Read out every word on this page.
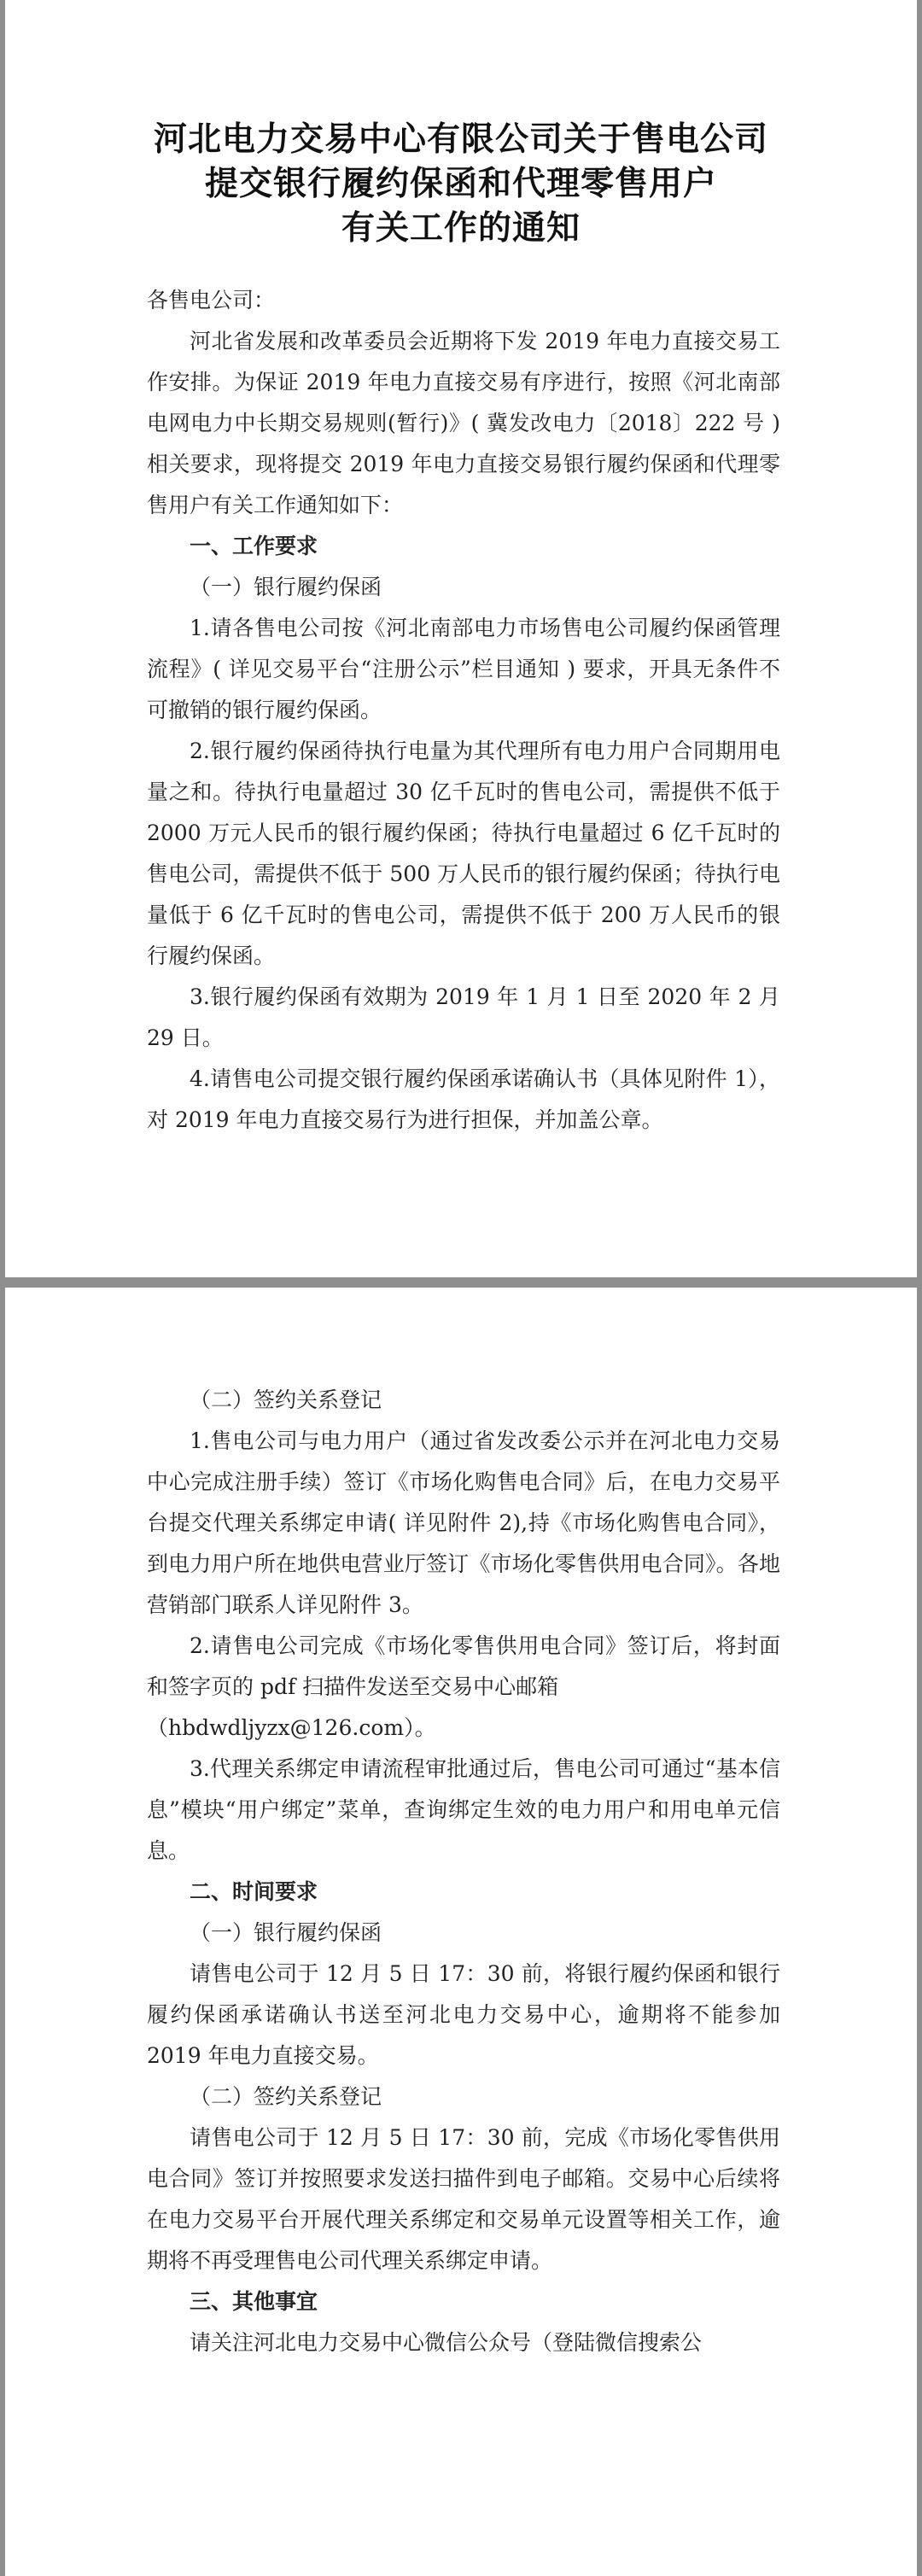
河北电力交易中心有限公司关于售电公司
提交银行履约保函和代理零售用户
有关工作的通知

各售电公司：

河北省发展和改革委员会近期将下发 2019 年电力直接交易工作安排。为保证 2019 年电力直接交易有序进行，按照《河北南部电网电力中长期交易规则(暂行)》( 冀发改电力〔2018〕222 号 ) 相关要求，现将提交 2019 年电力直接交易银行履约保函和代理零售用户有关工作通知如下：

一、工作要求

（一）银行履约保函

1.请各售电公司按《河北南部电力市场售电公司履约保函管理流程》( 详见交易平台“注册公示”栏目通知 ) 要求，开具无条件不可撤销的银行履约保函。

2.银行履约保函待执行电量为其代理所有电力用户合同期用电量之和。待执行电量超过 30 亿千瓦时的售电公司，需提供不低于 2000 万元人民币的银行履约保函；待执行电量超过 6 亿千瓦时的售电公司，需提供不低于 500 万人民币的银行履约保函；待执行电量低于 6 亿千瓦时的售电公司，需提供不低于 200 万人民币的银行履约保函。

3.银行履约保函有效期为 2019 年 1 月 1 日至 2020 年 2 月 29 日。

4.请售电公司提交银行履约保函承诺确认书（具体见附件 1），对 2019 年电力直接交易行为进行担保，并加盖公章。

（二）签约关系登记

1.售电公司与电力用户（通过省发改委公示并在河北电力交易中心完成注册手续）签订《市场化购售电合同》后，在电力交易平台提交代理关系绑定申请( 详见附件 2),持《市场化购售电合同》，到电力用户所在地供电营业厅签订《市场化零售供用电合同》。各地营销部门联系人详见附件 3。

2.请售电公司完成《市场化零售供用电合同》签订后，将封面和签字页的 pdf 扫描件发送至交易中心邮箱

（hbdwdljyzx@126.com）。

3.代理关系绑定申请流程审批通过后，售电公司可通过“基本信息”模块“用户绑定”菜单，查询绑定生效的电力用户和用电单元信息。

二、时间要求

（一）银行履约保函

请售电公司于 12 月 5 日 17：30 前，将银行履约保函和银行履约保函承诺确认书送至河北电力交易中心，逾期将不能参加 2019 年电力直接交易。

（二）签约关系登记

请售电公司于 12 月 5 日 17：30 前，完成《市场化零售供用电合同》签订并按照要求发送扫描件到电子邮箱。交易中心后续将在电力交易平台开展代理关系绑定和交易单元设置等相关工作，逾期将不再受理售电公司代理关系绑定申请。

三、其他事宜

请关注河北电力交易中心微信公众号（登陆微信搜索公
